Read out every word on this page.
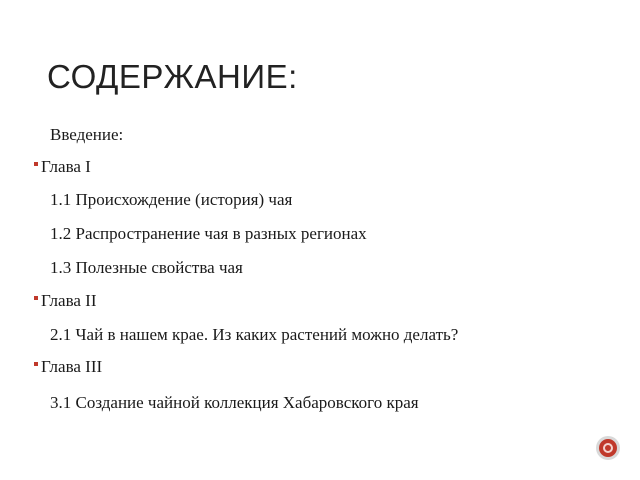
СОДЕРЖАНИЕ:
Введение:
Глава I
1.1 Происхождение (история) чая
1.2 Распространение чая в разных регионах
1.3 Полезные свойства чая
Глава II
2.1 Чай в нашем крае. Из каких растений можно делать?
Глава III
3.1 Создание чайной коллекция Хабаровского края
